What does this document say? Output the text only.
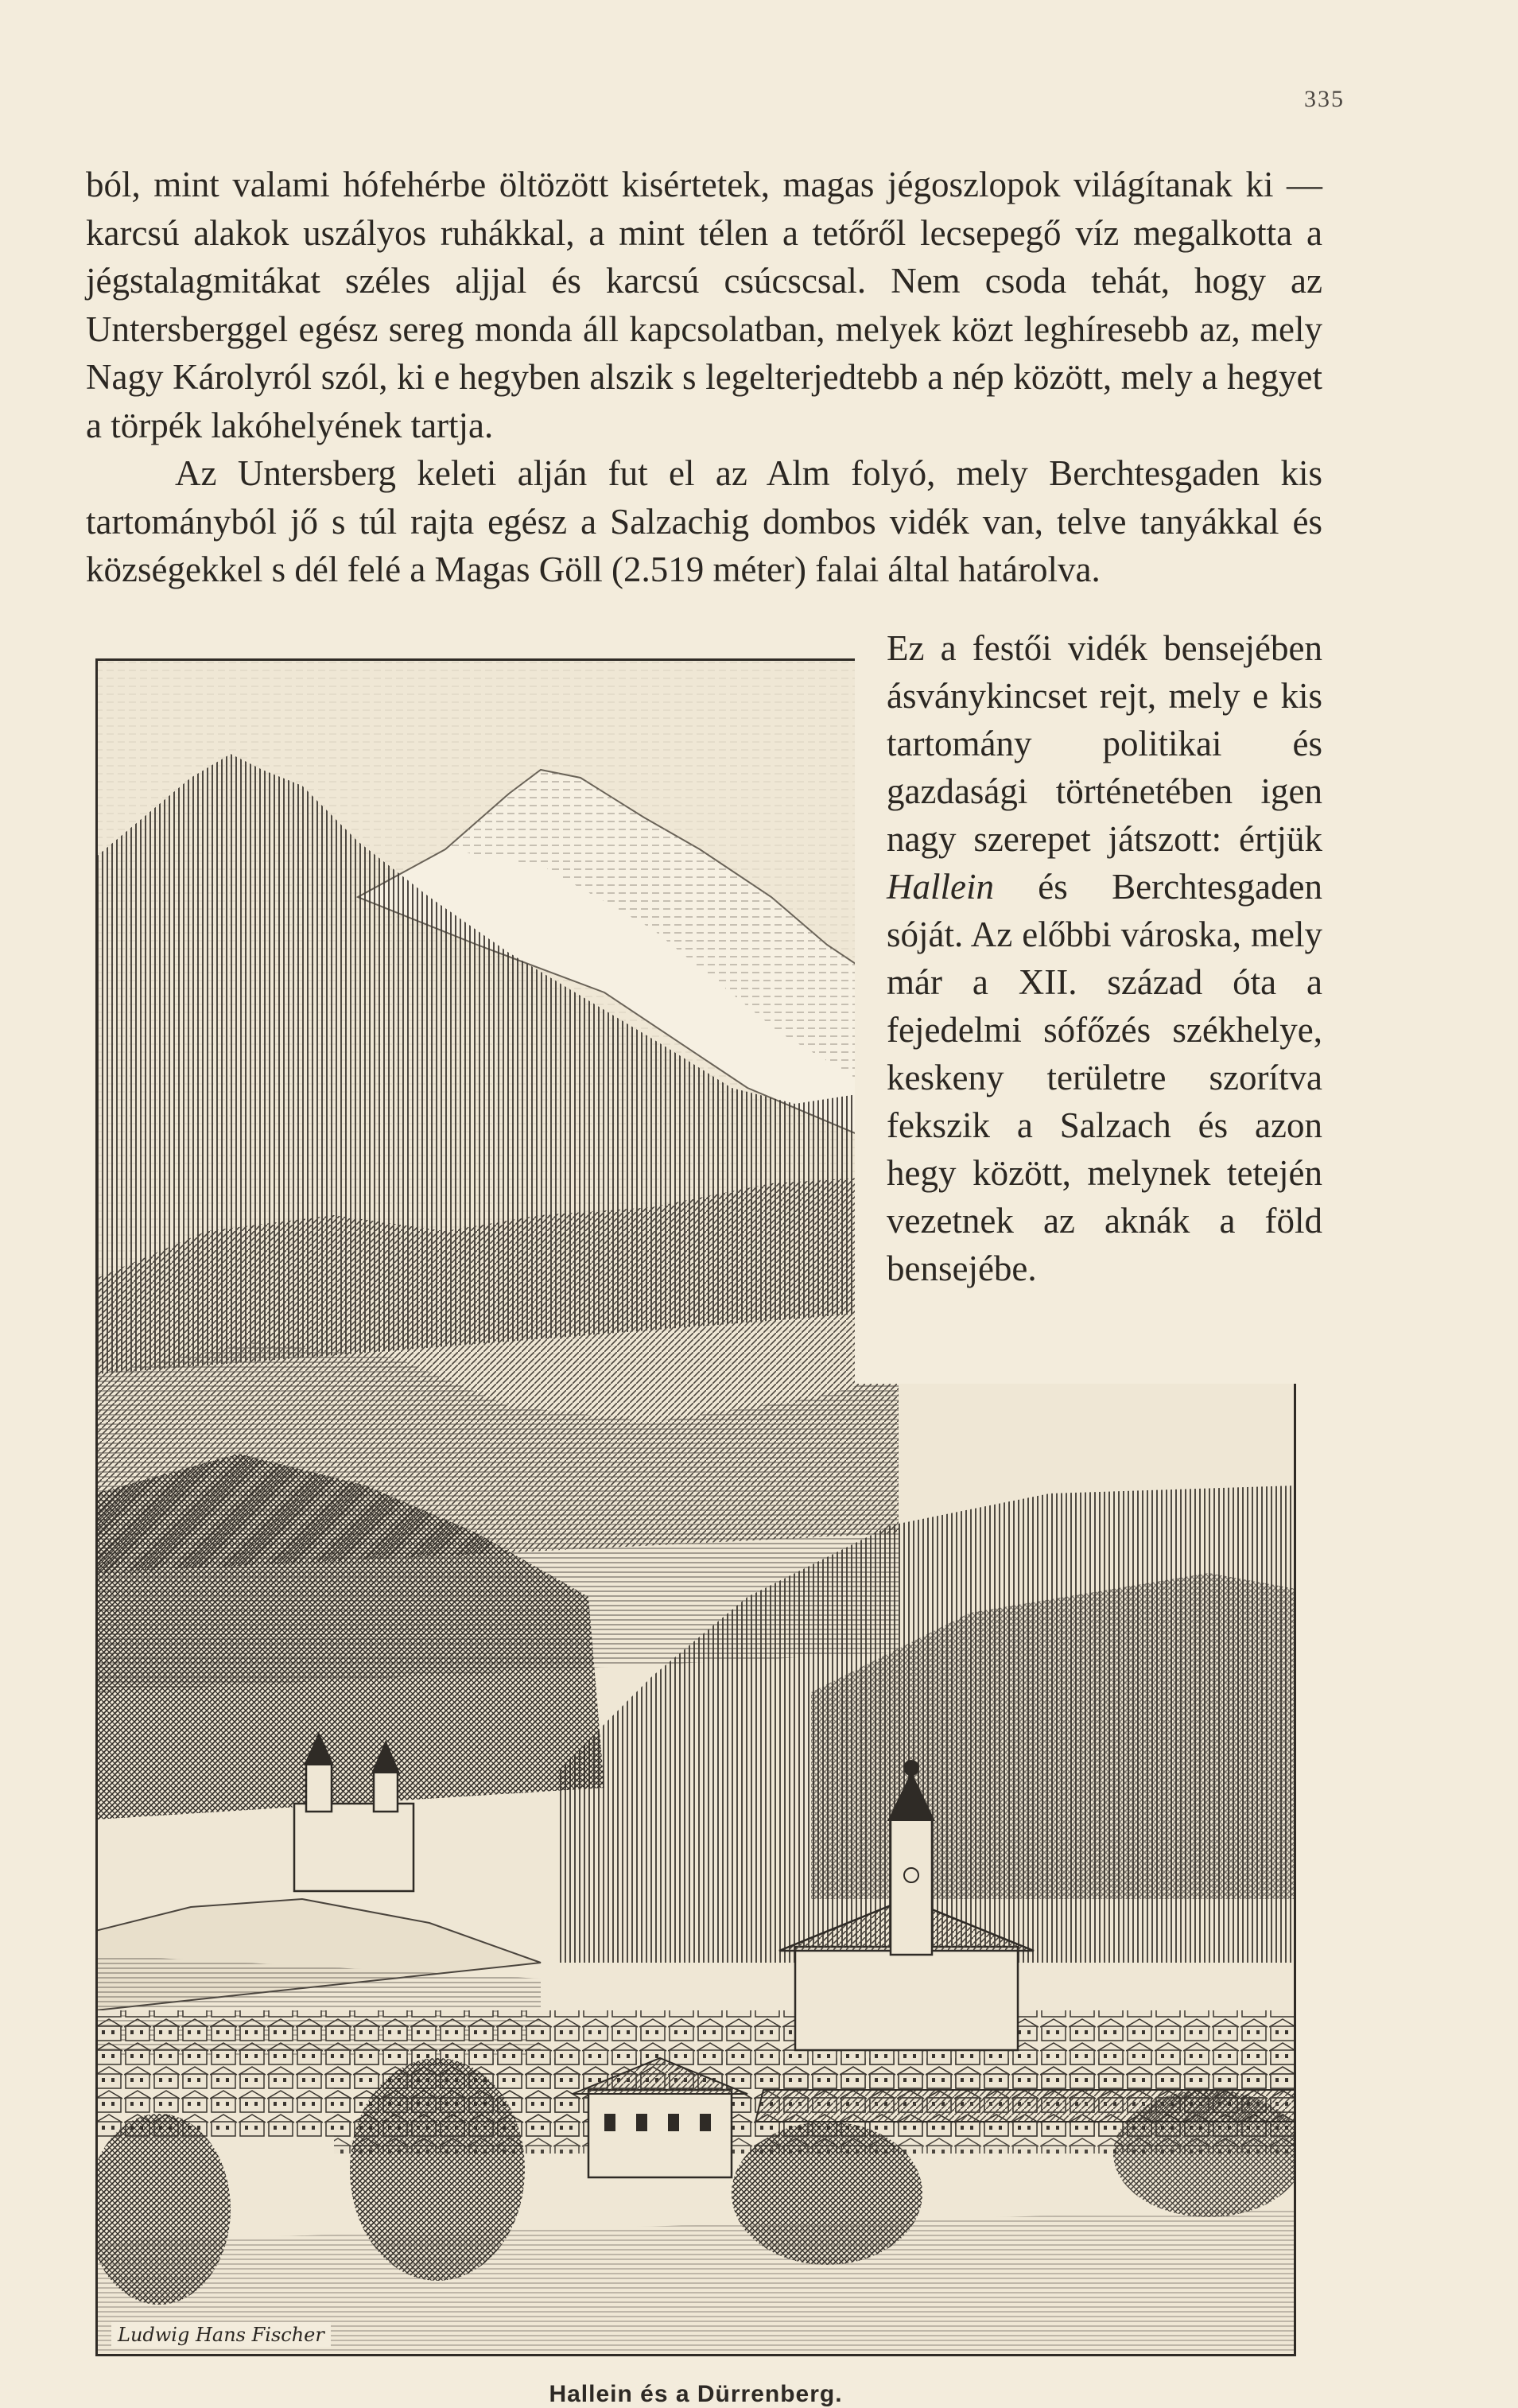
335

ból, mint valami hófehérbe öltözött kisértetek, magas jégoszlopok világítanak ki — karcsú alakok uszályos ruhákkal, a mint télen a tetőről lecsepegő víz megalkotta a jégstalagmitákat széles aljjal és karcsú csúcscsal. Nem csoda tehát, hogy az Untersberggel egész sereg monda áll kapcsolatban, melyek közt leghíresebb az, mely Nagy Károlyról szól, ki e hegyben alszik s legelterjedtebb a nép között, mely a hegyet a törpék lakóhelyének tartja.

Az Untersberg keleti alján fut el az Alm folyó, mely Berchtesgaden kis tartományból jő s túl rajta egész a Salzachig dombos vidék van, telve tanyákkal és községekkel s dél felé a Magas Göll (2.519 méter) falai által határolva.

Ludwig Hans Fischer

Ez a festői vidék bensejében ásványkincset rejt, mely e kis tartomány politikai és gazdasági történetében igen nagy szerepet játszott: értjük Hallein és Berchtesgaden sóját. Az előbbi városka, mely már a XII. század óta a fejedelmi sófőzés székhelye, keskeny területre szorítva fekszik a Salzach és azon hegy között, melynek tetején vezetnek az aknák a föld bensejébe.

Hallein és a Dürrenberg.
